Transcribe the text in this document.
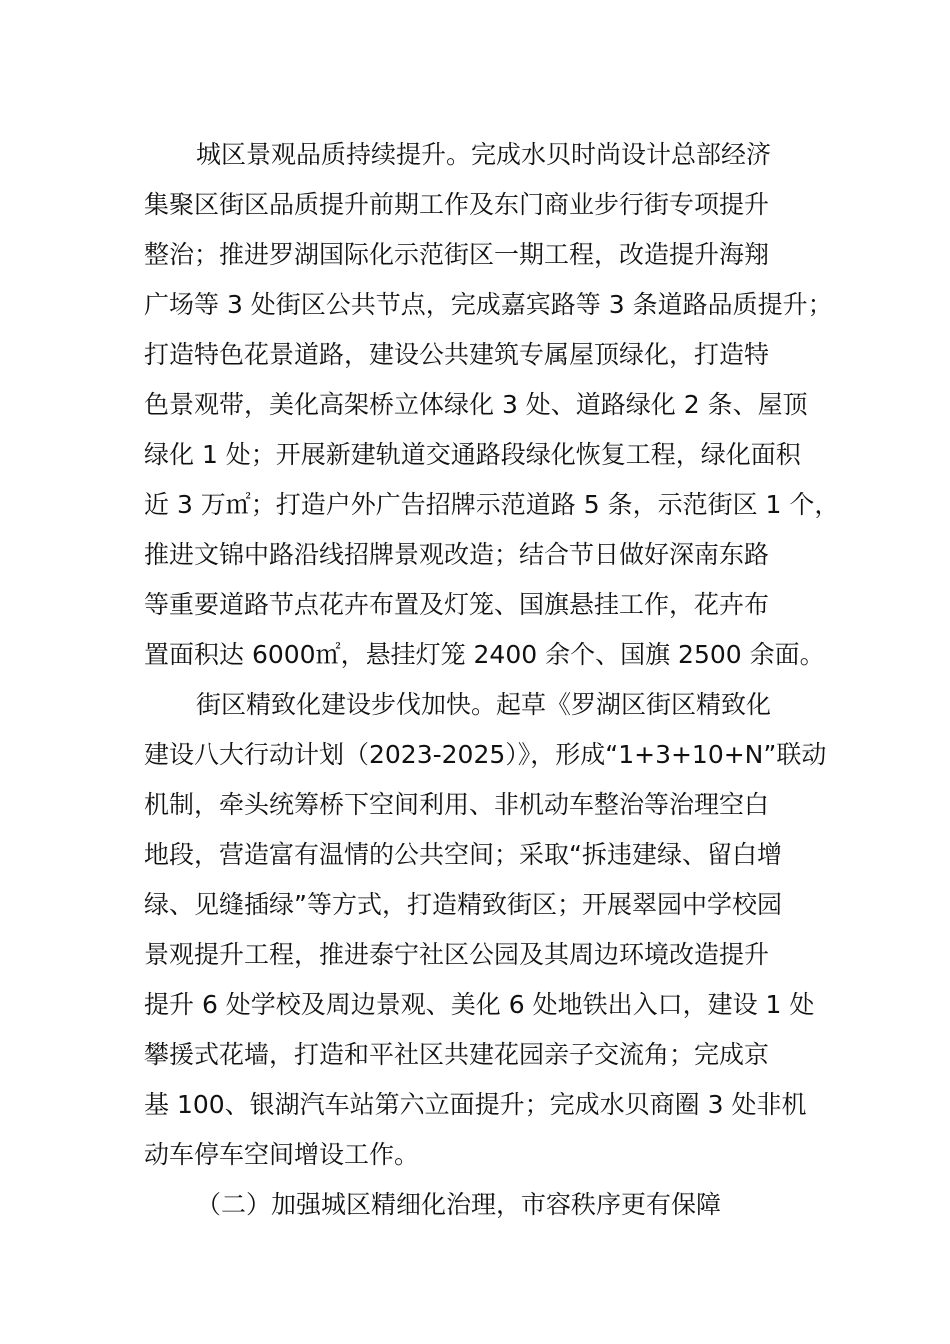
城区景观品质持续提升。完成水贝时尚设计总部经济
集聚区街区品质提升前期工作及东门商业步行街专项提升
整治；推进罗湖国际化示范街区一期工程，改造提升海翔
广场等 3 处街区公共节点，完成嘉宾路等 3 条道路品质提升；
打造特色花景道路，建设公共建筑专属屋顶绿化，打造特
色景观带，美化高架桥立体绿化 3 处、道路绿化 2 条、屋顶
绿化 1 处；开展新建轨道交通路段绿化恢复工程，绿化面积
近 3 万㎡；打造户外广告招牌示范道路 5 条，示范街区 1 个，
推进文锦中路沿线招牌景观改造；结合节日做好深南东路
等重要道路节点花卉布置及灯笼、国旗悬挂工作，花卉布
置面积达 6000㎡，悬挂灯笼 2400 余个、国旗 2500 余面。
街区精致化建设步伐加快。起草《罗湖区街区精致化
建设八大行动计划（2023-2025）》，形成“1+3+10+N”联动
机制，牵头统筹桥下空间利用、非机动车整治等治理空白
地段，营造富有温情的公共空间；采取“拆违建绿、留白增
绿、见缝插绿”等方式，打造精致街区；开展翠园中学校园
景观提升工程，推进泰宁社区公园及其周边环境改造提升
提升 6 处学校及周边景观、美化 6 处地铁出入口，建设 1 处
攀援式花墙，打造和平社区共建花园亲子交流角；完成京
基 100、银湖汽车站第六立面提升；完成水贝商圈 3 处非机
动车停车空间增设工作。
（二）加强城区精细化治理，市容秩序更有保障
